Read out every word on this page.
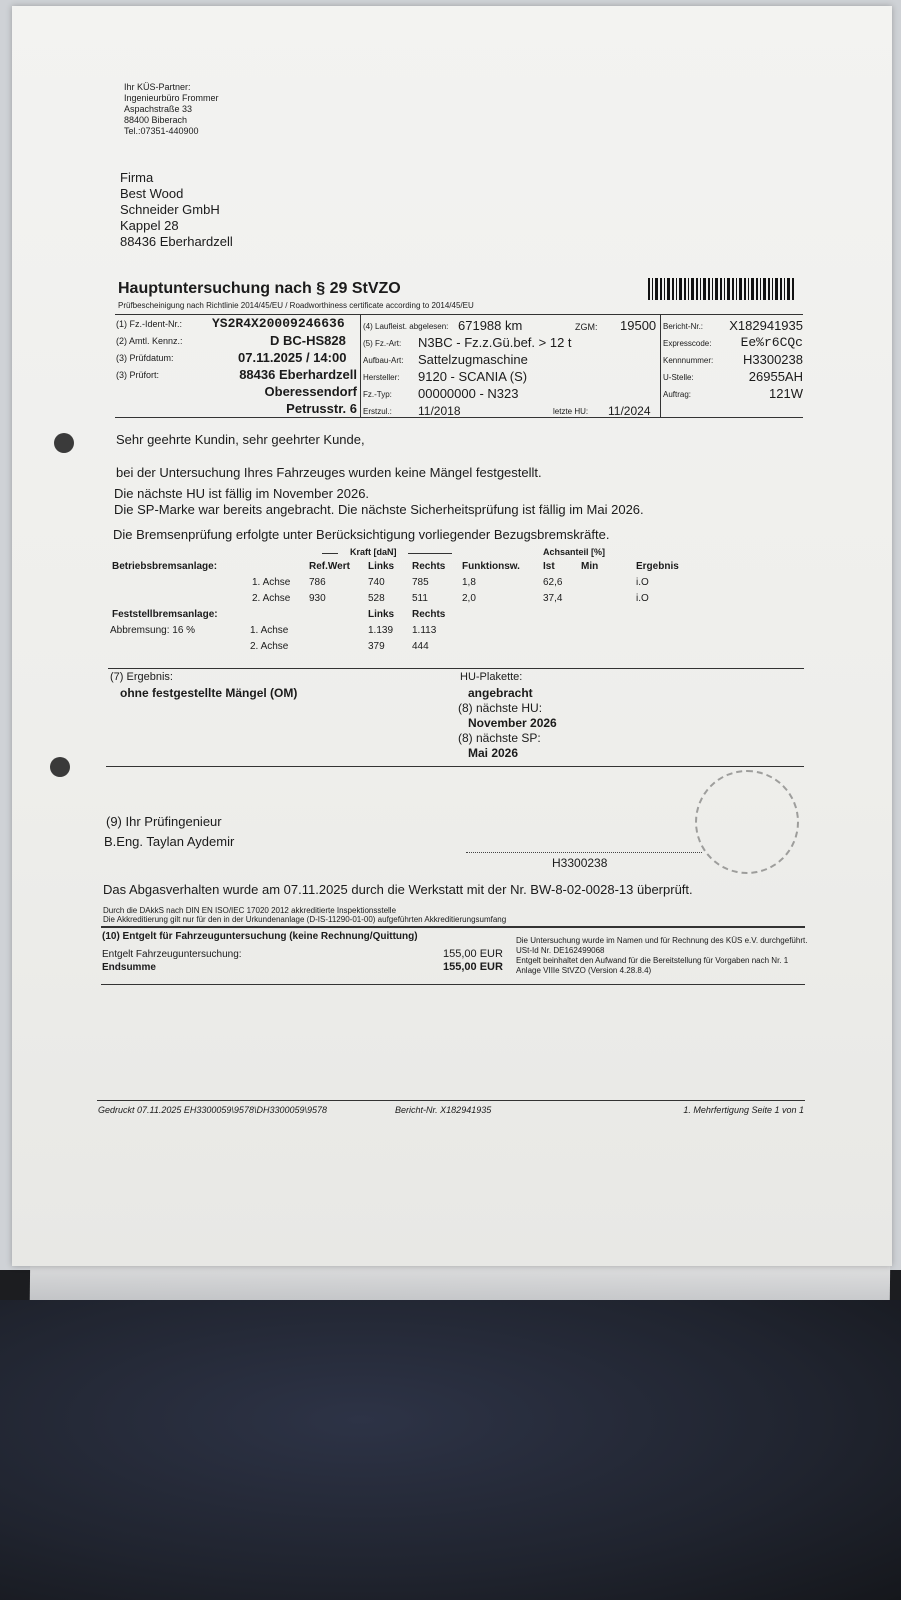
Ihr KÜS-Partner:
Ingenieurbüro Frommer
Aspachstraße 33
88400 Biberach
Tel.:07351-440900
Firma
Best Wood
Schneider GmbH
Kappel 28
88436 Eberhardzell
Hauptuntersuchung nach § 29 StVZO
Prüfbescheinigung nach Richtlinie 2014/45/EU / Roadworthiness certificate according to 2014/45/EU
(1) Fz.-Ident-Nr.: YS2R4X20009246636
(2) Amtl. Kennz.:	D BC-HS828
(3) Prüfdatum:	07.11.2025 / 14:00
(3) Prüfort:	88436 Eberhardzell
Oberessendorf
Petrusstr. 6
(4) Laufleist. abgelesen: 671988 km	ZGM: 19500
(5) Fz.-Art: N3BC - Fz.z.Gü.bef. > 12 t
Aufbau-Art: Sattelzugmaschine
Hersteller: 9120 - SCANIA (S)
Fz.-Typ: 00000000 - N323
Erstzul.: 11/2018	letzte HU: 11/2024
Bericht-Nr.: X182941935
Expresscode: Ee%r6CQc
Kennnummer: H3300238
U-Stelle:	26955AH
Auftrag:	121W
Sehr geehrte Kundin, sehr geehrter Kunde,
bei der Untersuchung Ihres Fahrzeuges wurden keine Mängel festgestellt.
Die nächste HU ist fällig im November 2026.
Die SP-Marke war bereits angebracht. Die nächste Sicherheitsprüfung ist fällig im Mai 2026.
Die Bremsenprüfung erfolgte unter Berücksichtigung vorliegender Bezugsbremskräfte.
Kraft [daN]	Achsanteil [%]
Betriebsbremsanlage:	Ref.Wert Links Rechts Funktionsw. Ist	Min	Ergebnis
1. Achse 786	740	785	1,8	62,6	i.O
2. Achse 930	528	511	2,0	37,4	i.O
Feststellbremsanlage:	Links Rechts
Abbremsung: 16 %	1. Achse	1.139 1.113
2. Achse	379	444
(7) Ergebnis:
ohne festgestellte Mängel (OM)
HU-Plakette:
angebracht
(8) nächste HU:
November 2026
(8) nächste SP:
Mai 2026
(9) Ihr Prüfingenieur
B.Eng. Taylan Aydemir
H3300238
Das Abgasverhalten wurde am 07.11.2025 durch die Werkstatt mit der Nr. BW-8-02-0028-13 überprüft.
Durch die DAkkS nach DIN EN ISO/IEC 17020 2012 akkreditierte Inspektionsstelle
Die Akkreditierung gilt nur für den in der Urkundenanlage (D-IS-11290-01-00) aufgeführten Akkreditierungsumfang
(10) Entgelt für Fahrzeuguntersuchung (keine Rechnung/Quittung)
Entgelt Fahrzeuguntersuchung:	155,00 EUR
Endsumme	155,00 EUR
Die Untersuchung wurde im Namen und für Rechnung des KÜS e.V. durchgeführt.
USt-Id Nr. DE162499068
Entgelt beinhaltet den Aufwand für die Bereitstellung für Vorgaben nach Nr. 1
Anlage VIIIe StVZO (Version 4.28.8.4)
Gedruckt 07.11.2025 EH3300059\9578\DH3300059\9578	Bericht-Nr. X182941935	1. Mehrfertigung Seite 1 von 1
